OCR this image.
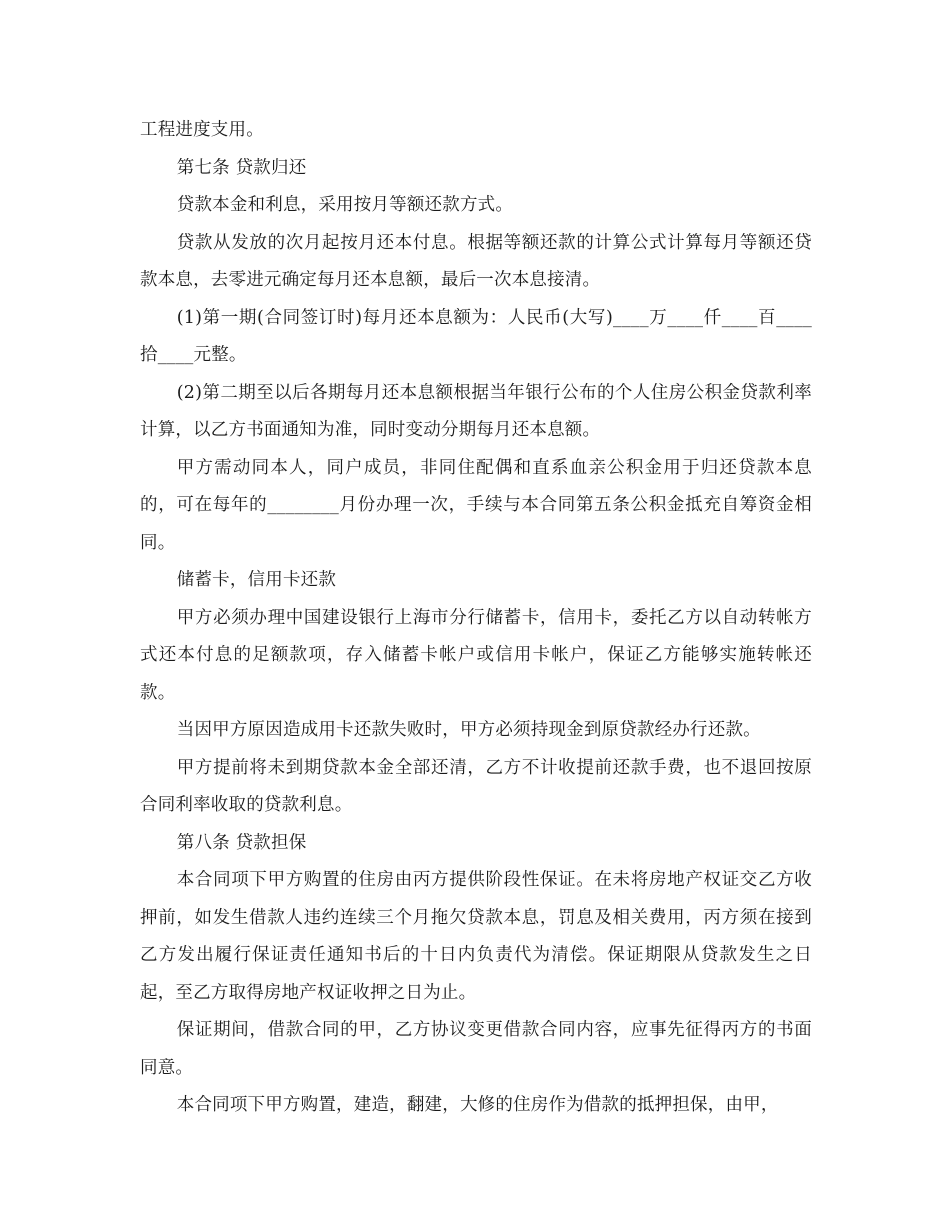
工程进度支用。

第七条 贷款归还

贷款本金和利息，采用按月等额还款方式。

贷款从发放的次月起按月还本付息。根据等额还款的计算公式计算每月等额还贷款本息，去零进元确定每月还本息额，最后一次本息接清。

(1)第一期(合同签订时)每月还本息额为：人民币(大写)____万____仟____百____拾____元整。

(2)第二期至以后各期每月还本息额根据当年银行公布的个人住房公积金贷款利率计算，以乙方书面通知为准，同时变动分期每月还本息额。

甲方需动同本人，同户成员，非同住配偶和直系血亲公积金用于归还贷款本息的，可在每年的________月份办理一次，手续与本合同第五条公积金抵充自筹资金相同。

储蓄卡，信用卡还款

甲方必须办理中国建设银行上海市分行储蓄卡，信用卡，委托乙方以自动转帐方式还本付息的足额款项，存入储蓄卡帐户或信用卡帐户，保证乙方能够实施转帐还款。

当因甲方原因造成用卡还款失败时，甲方必须持现金到原贷款经办行还款。

甲方提前将未到期贷款本金全部还清，乙方不计收提前还款手费，也不退回按原合同利率收取的贷款利息。

第八条 贷款担保

本合同项下甲方购置的住房由丙方提供阶段性保证。在未将房地产权证交乙方收押前，如发生借款人违约连续三个月拖欠贷款本息，罚息及相关费用，丙方须在接到乙方发出履行保证责任通知书后的十日内负责代为清偿。保证期限从贷款发生之日起，至乙方取得房地产权证收押之日为止。

保证期间，借款合同的甲，乙方协议变更借款合同内容，应事先征得丙方的书面同意。

本合同项下甲方购置，建造，翻建，大修的住房作为借款的抵押担保，由甲，
